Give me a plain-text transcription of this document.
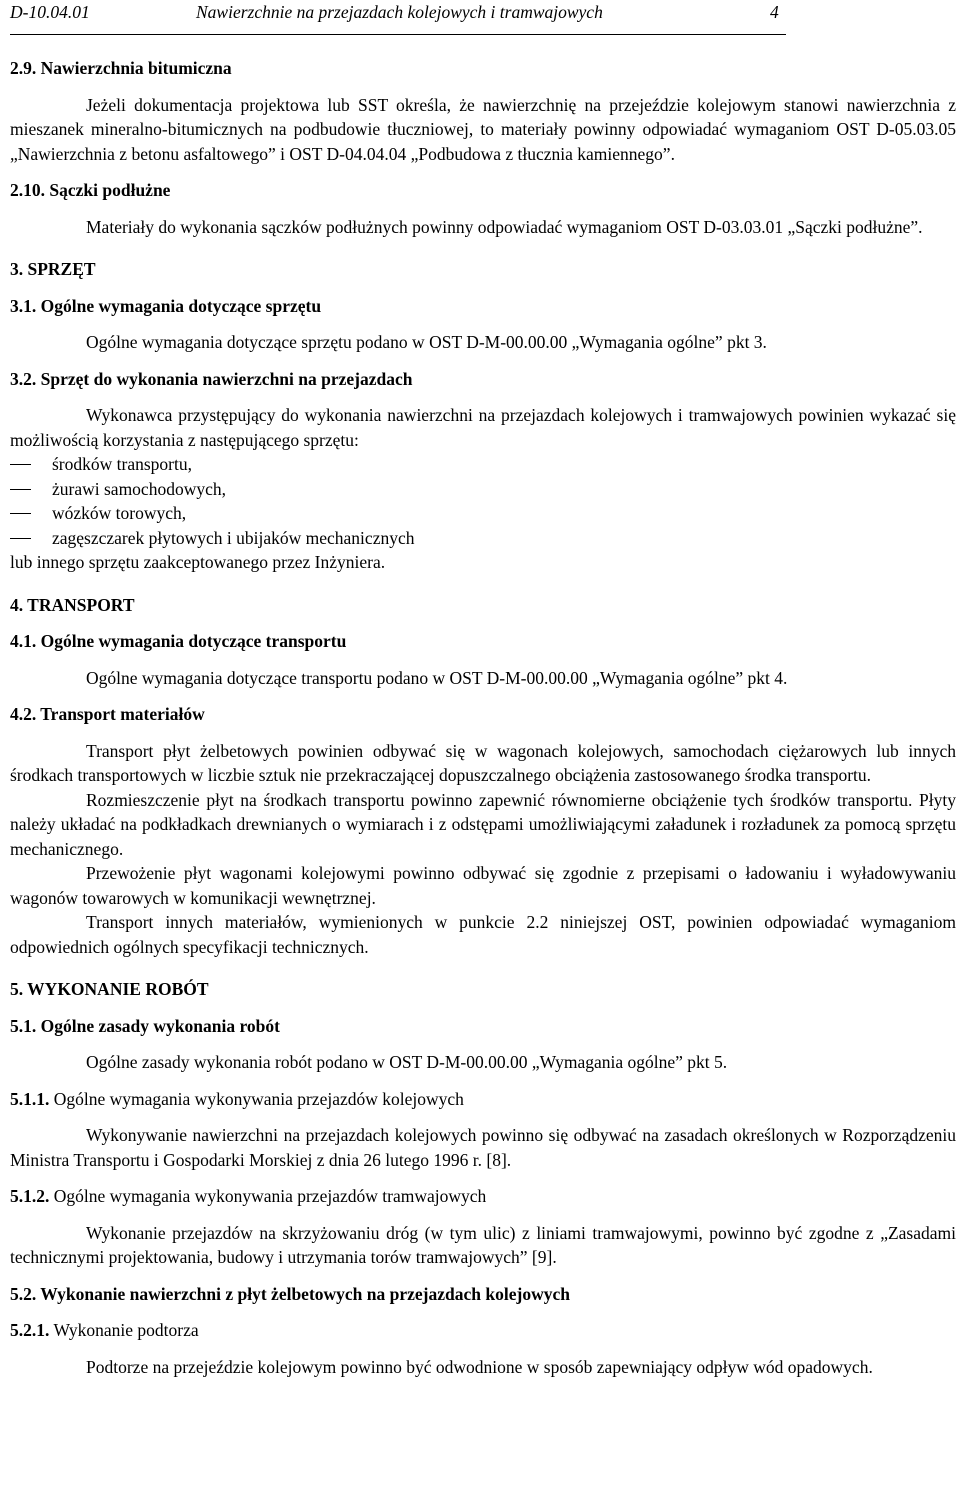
D-10.04.01	Nawierzchnie na przejazdach kolejowych i tramwajowych	4

2.9. Nawierzchnia bitumiczna

Jeżeli dokumentacja projektowa lub SST określa, że nawierzchnię na przejeździe kolejowym stanowi nawierzchnia z mieszanek mineralno-bitumicznych na podbudowie tłuczniowej, to materiały powinny odpowiadać wymaganiom OST D-05.03.05 „Nawierzchnia z betonu asfaltowego” i OST D-04.04.04 „Podbudowa z tłucznia kamiennego”.

2.10. Sączki podłużne

Materiały do wykonania sączków podłużnych powinny odpowiadać wymaganiom OST D-03.03.01 „Sączki podłużne”.

3. SPRZĘT

3.1. Ogólne wymagania dotyczące sprzętu

Ogólne wymagania dotyczące sprzętu podano w OST D-M-00.00.00 „Wymagania ogólne” pkt 3.

3.2. Sprzęt do wykonania nawierzchni na przejazdach

Wykonawca przystępujący do wykonania nawierzchni na przejazdach kolejowych i tramwajowych powinien wykazać się możliwością korzystania z następującego sprzętu:

środków transportu,

żurawi samochodowych,

wózków torowych,

zagęszczarek płytowych i ubijaków mechanicznych

lub innego sprzętu zaakceptowanego przez Inżyniera.

4. TRANSPORT

4.1. Ogólne wymagania dotyczące transportu

Ogólne wymagania dotyczące transportu podano w OST D-M-00.00.00 „Wymagania ogólne” pkt 4.

4.2. Transport materiałów

Transport płyt żelbetowych powinien odbywać się w wagonach kolejowych, samochodach ciężarowych lub innych środkach transportowych w liczbie sztuk nie przekraczającej dopuszczalnego obciążenia zastosowanego środka transportu.

Rozmieszczenie płyt na środkach transportu powinno zapewnić równomierne obciążenie tych środków transportu. Płyty należy układać na podkładkach drewnianych o wymiarach i z odstępami umożliwiającymi załadunek i rozładunek za pomocą sprzętu mechanicznego.

Przewożenie płyt wagonami kolejowymi powinno odbywać się zgodnie z przepisami o ładowaniu i wyładowywaniu wagonów towarowych w komunikacji wewnętrznej.

Transport innych materiałów, wymienionych w punkcie 2.2 niniejszej OST, powinien odpowiadać wymaganiom odpowiednich ogólnych specyfikacji technicznych.

5. WYKONANIE ROBÓT

5.1. Ogólne zasady wykonania robót

Ogólne zasady wykonania robót podano w OST D-M-00.00.00 „Wymagania ogólne” pkt 5.

5.1.1. Ogólne wymagania wykonywania przejazdów kolejowych

Wykonywanie nawierzchni na przejazdach kolejowych powinno się odbywać na zasadach określonych w Rozporządzeniu Ministra Transportu i Gospodarki Morskiej z dnia 26 lutego 1996 r. [8].

5.1.2. Ogólne wymagania wykonywania przejazdów tramwajowych

Wykonanie przejazdów na skrzyżowaniu dróg (w tym ulic) z liniami tramwajowymi, powinno być zgodne z „Zasadami technicznymi projektowania, budowy i utrzymania torów tramwajowych” [9].

5.2. Wykonanie nawierzchni z płyt żelbetowych na przejazdach kolejowych

5.2.1. Wykonanie podtorza

Podtorze na przejeździe kolejowym powinno być odwodnione w sposób zapewniający odpływ wód opadowych.
